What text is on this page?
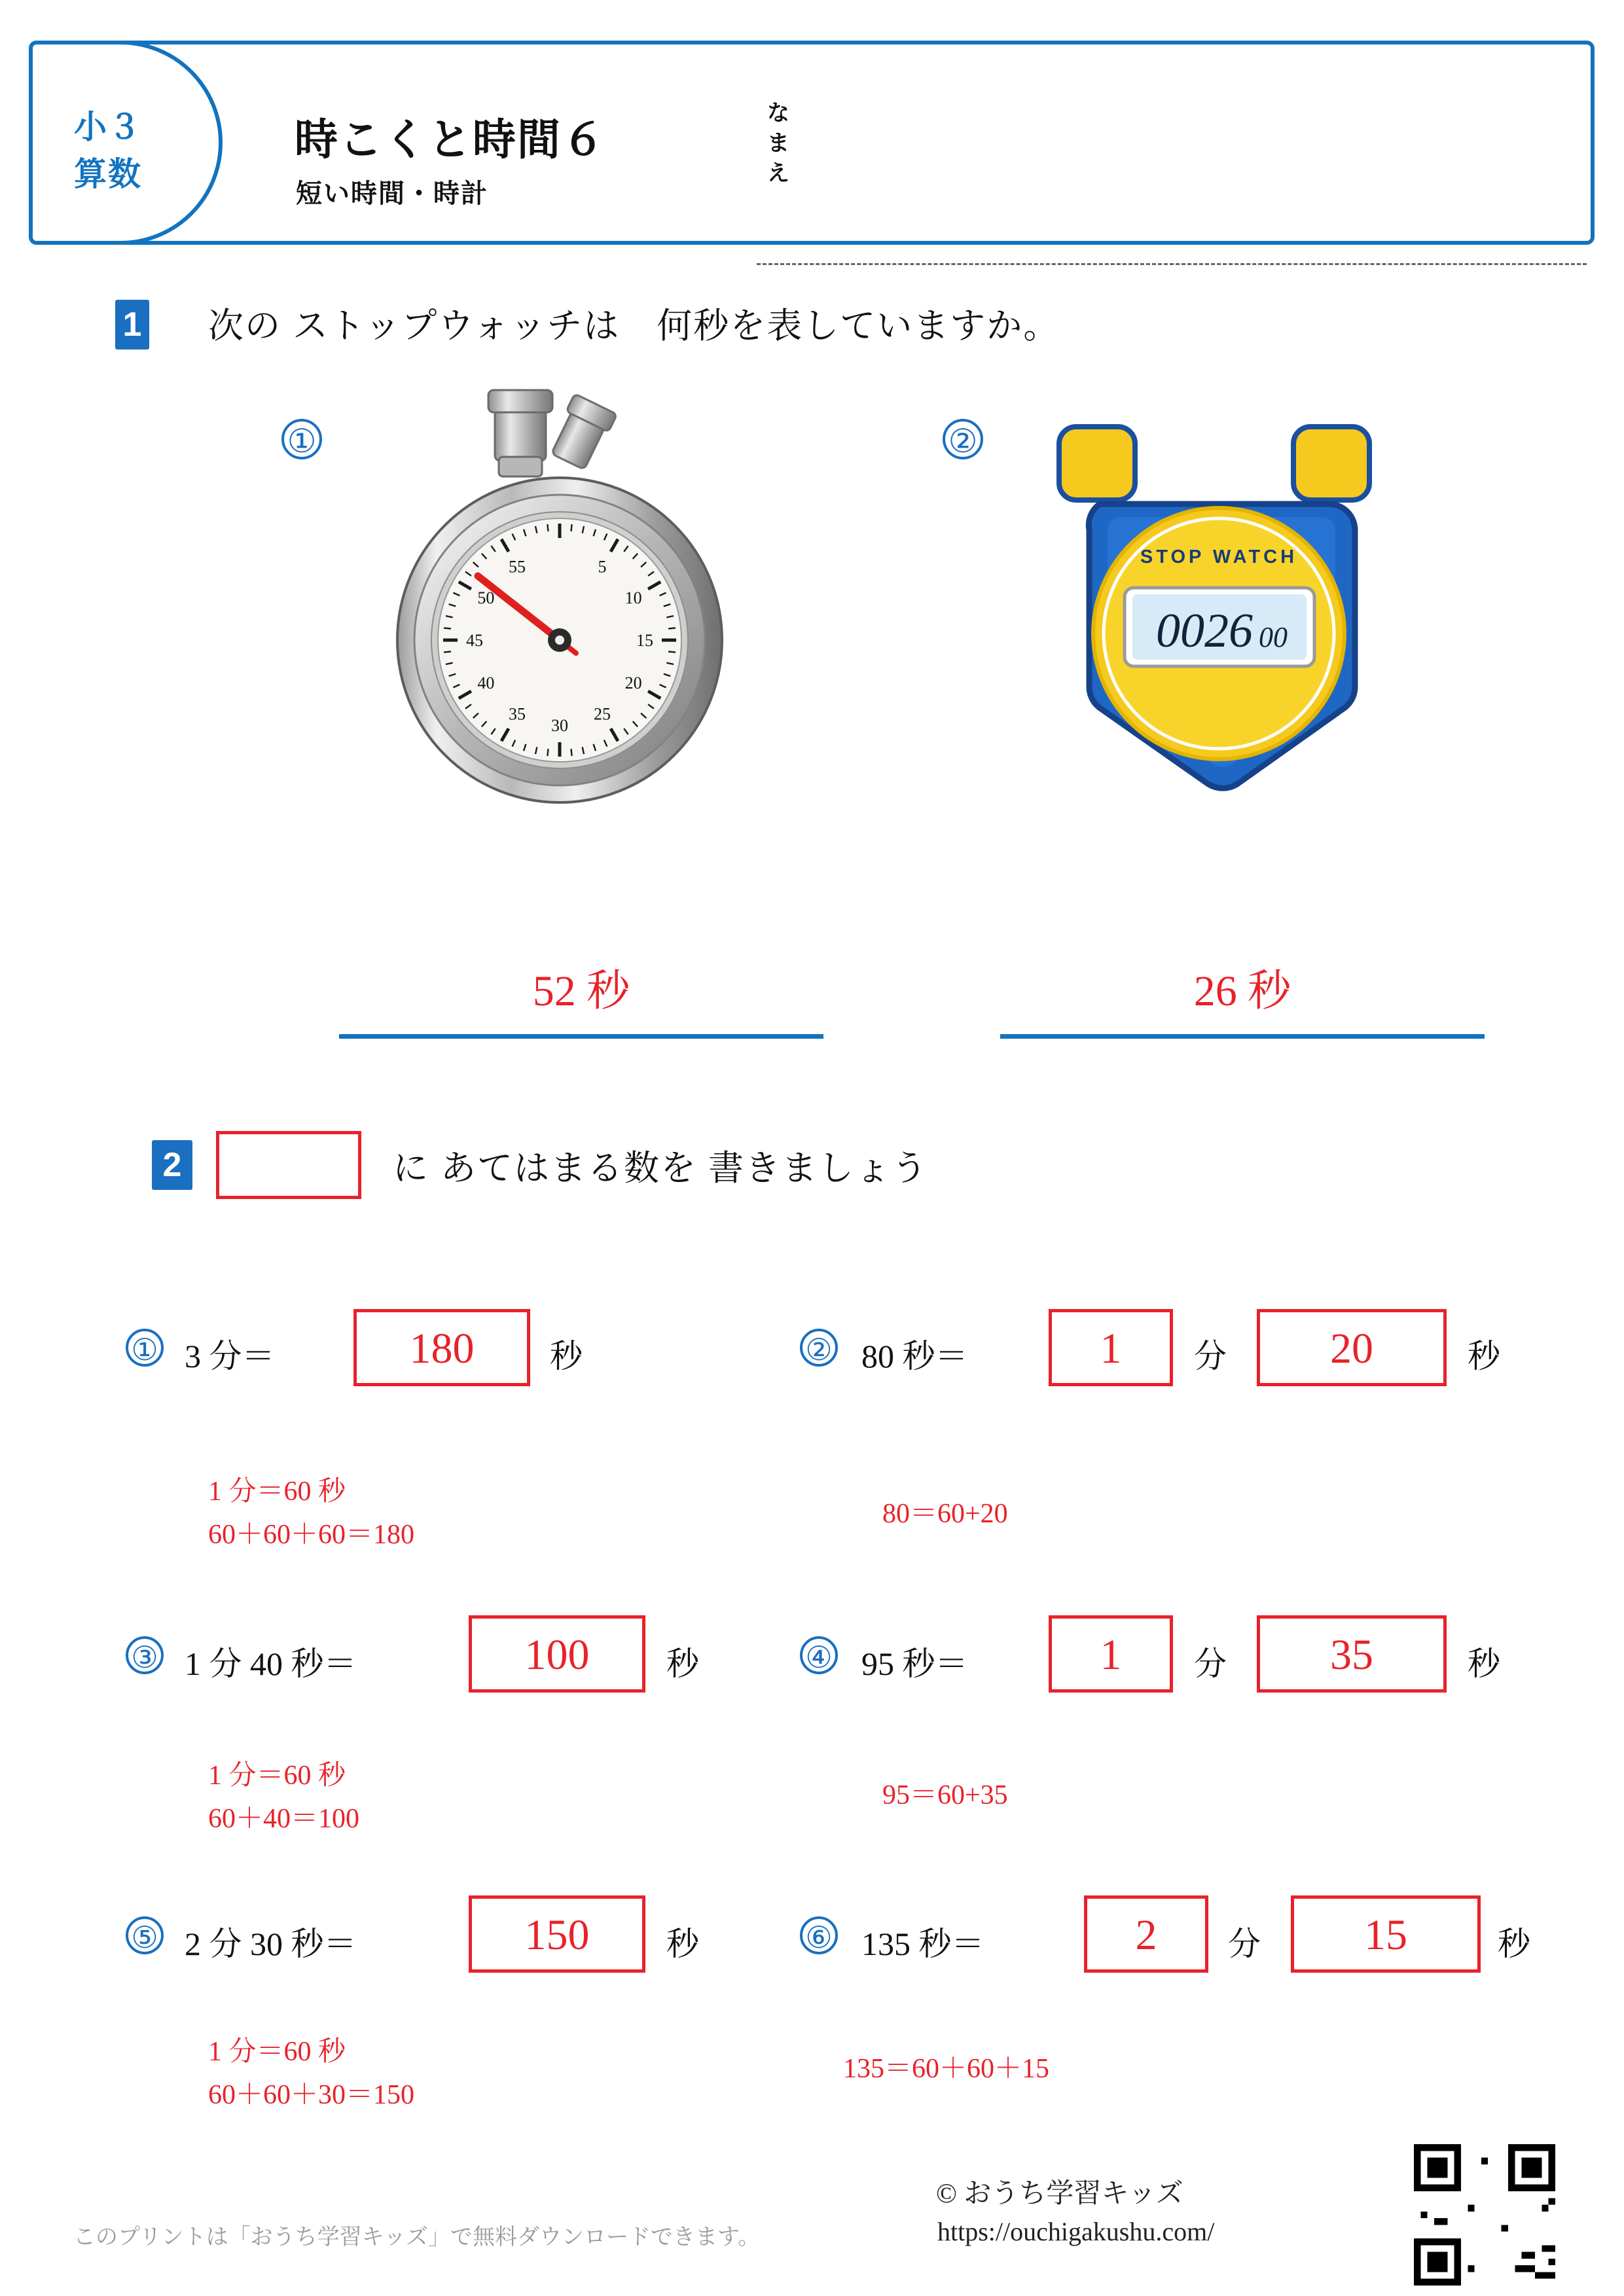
小３
算数
時こくと時間６
短い時間・時計
な
ま
え
1 次の ストップウォッチは　何秒を表していますか。
①	②
5
10
15
20
25
30
35
40
45
50
55	STOP WATCH
0026 00
52 秒	26 秒
2	に あてはまる数を 書きましょう
① 3 分＝	180	秒
1 分＝60 秒
60＋60＋60＝180
② 80 秒＝	1	分	20	秒
80＝60+20
③ 1 分 40 秒＝	100	秒
1 分＝60 秒
60＋40＝100
④ 95 秒＝	1	分	35	秒
95＝60+35
⑤ 2 分 30 秒＝	150	秒
1 分＝60 秒
60＋60＋30＝150
⑥ 135 秒＝	2	分	15	秒
135＝60＋60＋15
このプリントは「おうち学習キッズ」で無料ダウンロードできます。
© おうち学習キッズ
https://ouchigakushu.com/
